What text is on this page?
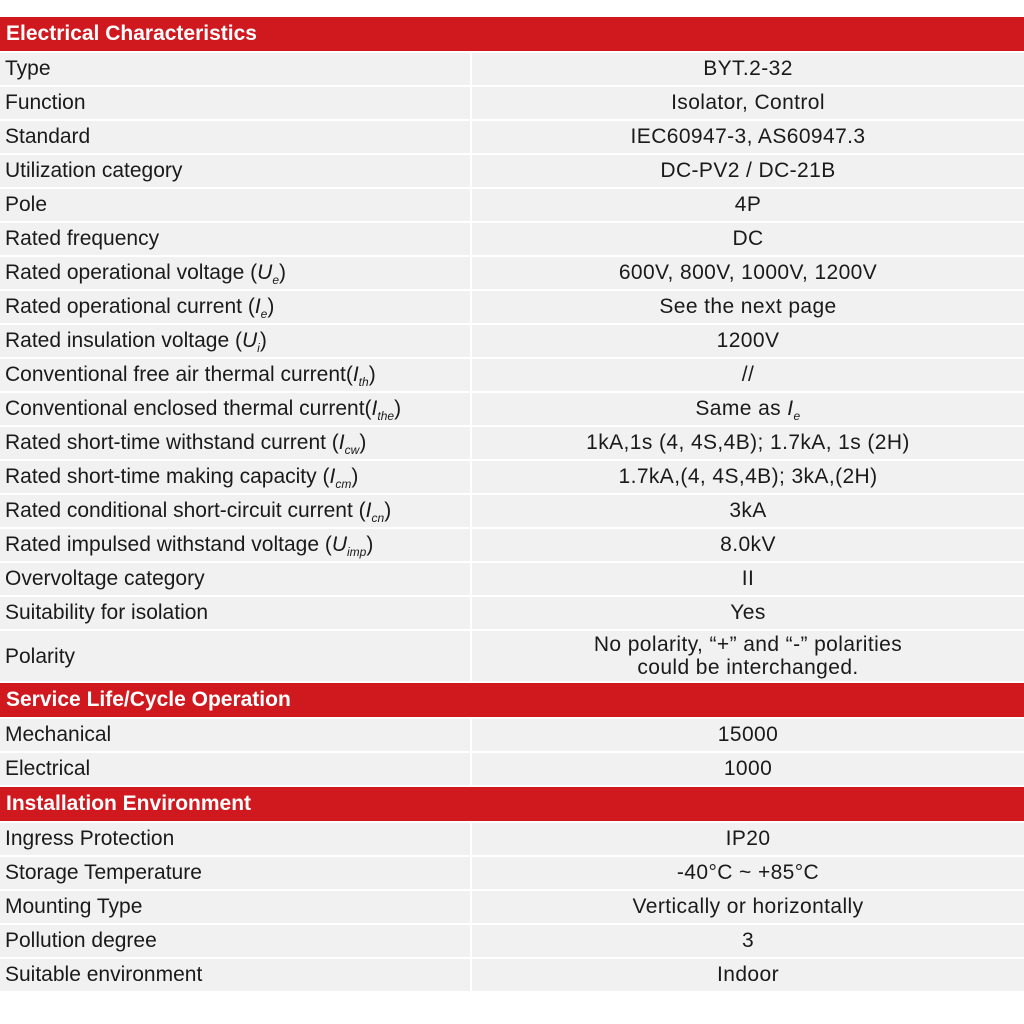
Electrical Characteristics	
Type	BYT.2-32
Function	Isolator, Control
Standard	IEC60947-3, AS60947.3
Utilization category	DC-PV2 / DC-21B
Pole	4P
Rated frequency	DC
Rated operational voltage $(U_e)$	600V, 800V, 1000V, 1200V
Rated operational current $(I_e)$	See the next page
Rated insulation voltage $(U_i)$	1200V
Conventional free air thermal $current(I_{th})$	//
Conventional enclosed thermal $current(I_{the})$	Same as $I_e$
Rated short-time withstand current $(I_{cw})$	1kA,1s (4, 4S,4B); 1.7kA, 1s (2H)
Rated short-time making capacity $(I_{cm})$	1.7kA,(4, 4S,4B); 3kA,(2H)
Rated conditional short-circuit current $(I_{cn})$	3kA
Rated impulsed withstand voltage $(U_{imp})$	8.0kV
Overvoltage category	II
Suitability for isolation	Yes
Polarity	No polarity, “+” and “-” polarities
could be interchanged.
Service Life/Cycle Operation	
Mechanical	15000
Electrical	1000
Installation Environment	
Ingress Protection	IP20
Storage Temperature	-40°C ~ +85°C
Mounting Type	Vertically or horizontally
Pollution degree	3
Suitable environment	Indoor
